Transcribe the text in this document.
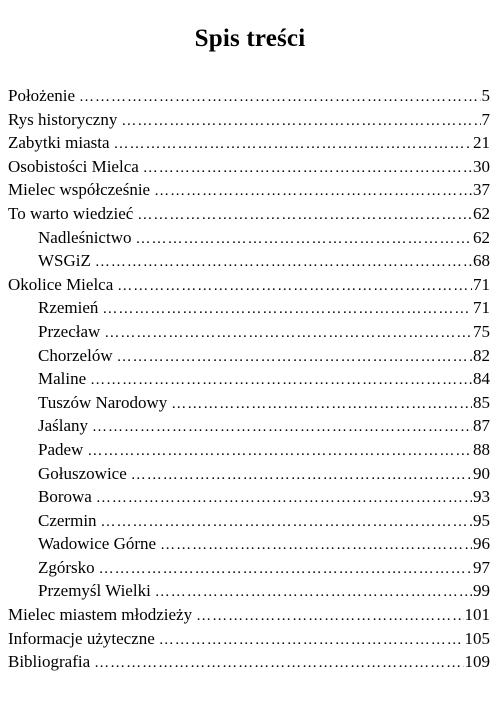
Spis treści
Położenie ………………………………………………………………………………………………………………………………	5
Rys historyczny ………………………………………………………………………………………………………………………………	7
Zabytki miasta ………………………………………………………………………………………………………………………………	21
Osobistości Mielca ………………………………………………………………………………………………………………………………	30
Mielec współcześnie ………………………………………………………………………………………………………………………………	37
To warto wiedzieć ………………………………………………………………………………………………………………………………	62
Nadleśnictwo ………………………………………………………………………………………………………………………………	62
WSGiZ ………………………………………………………………………………………………………………………………	68
Okolice Mielca ………………………………………………………………………………………………………………………………	71
Rzemień ………………………………………………………………………………………………………………………………	71
Przecław ………………………………………………………………………………………………………………………………	75
Chorzelów ………………………………………………………………………………………………………………………………	82
Maline ………………………………………………………………………………………………………………………………	84
Tuszów Narodowy ………………………………………………………………………………………………………………………………	85
Jaślany ………………………………………………………………………………………………………………………………	87
Padew ………………………………………………………………………………………………………………………………	88
Gołuszowice ………………………………………………………………………………………………………………………………	90
Borowa ………………………………………………………………………………………………………………………………	93
Czermin ………………………………………………………………………………………………………………………………	95
Wadowice Górne ………………………………………………………………………………………………………………………………	96
Zgórsko ………………………………………………………………………………………………………………………………	97
Przemyśl Wielki ………………………………………………………………………………………………………………………………	99
Mielec miastem młodzieży ………………………………………………………………………………………………………………………………	101
Informacje użyteczne ………………………………………………………………………………………………………………………………	105
Bibliografia ………………………………………………………………………………………………………………………………	109
